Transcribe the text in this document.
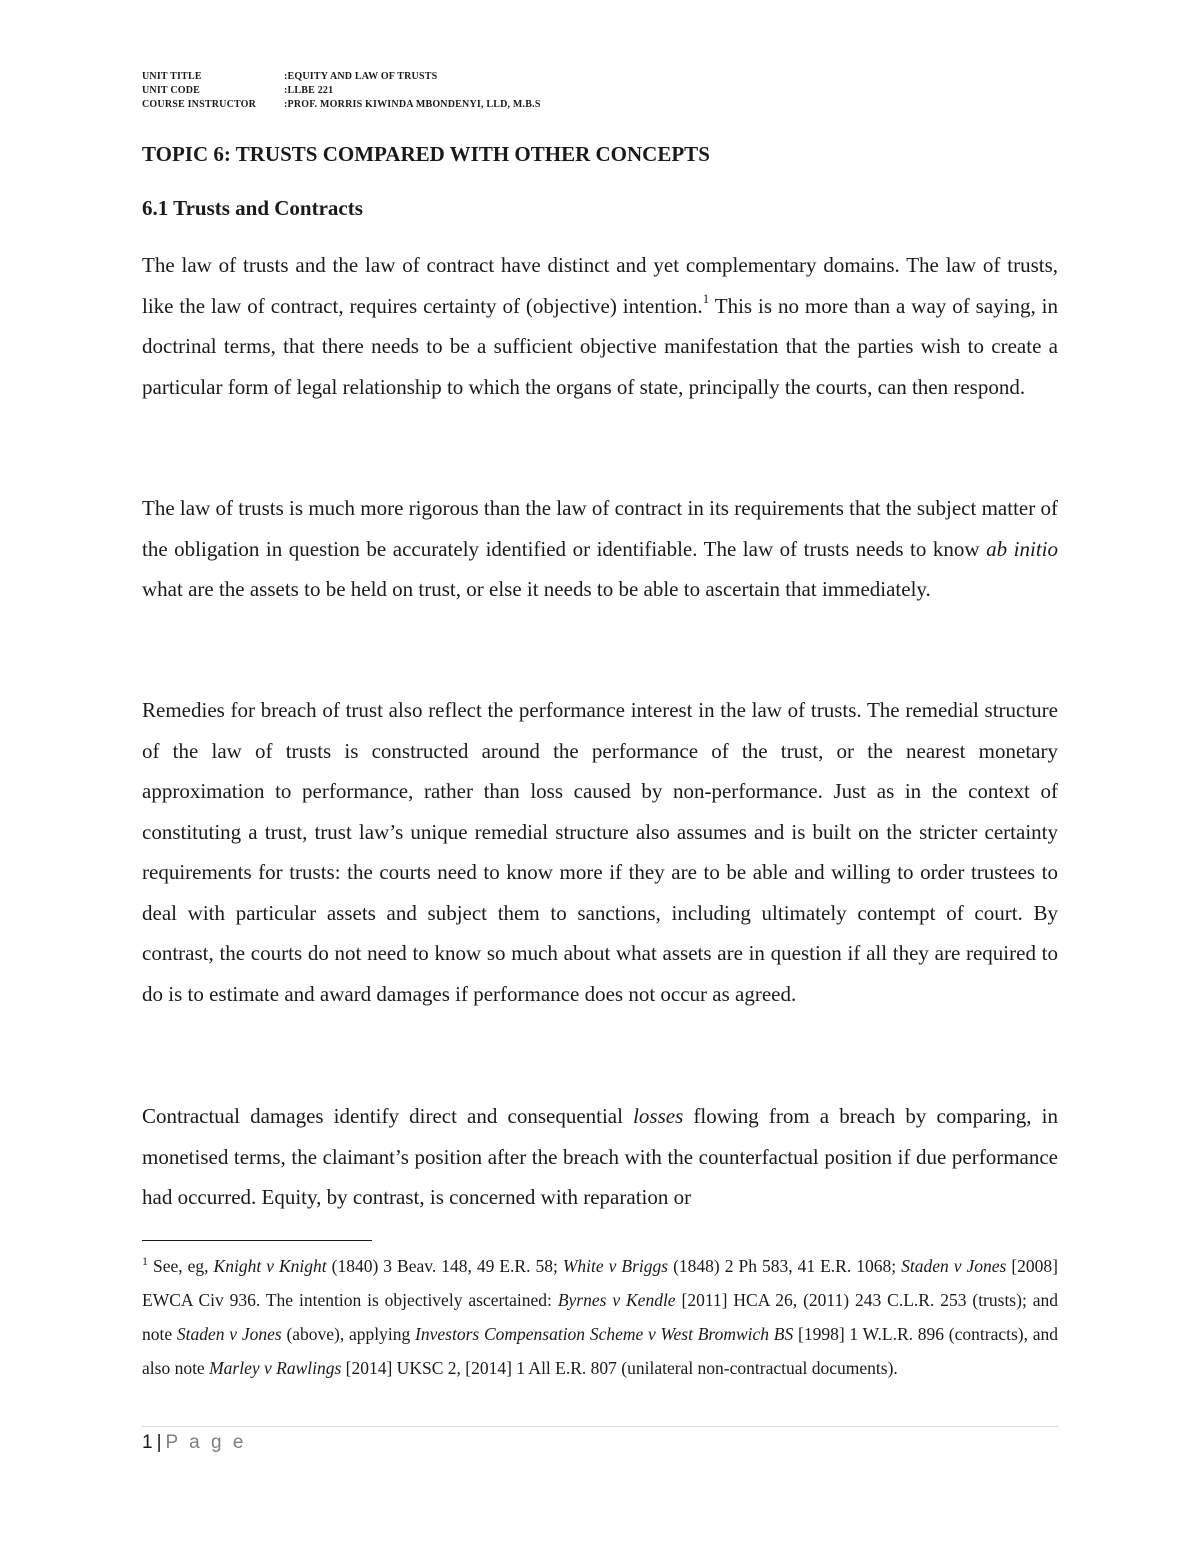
UNIT TITLE	:EQUITY AND LAW OF TRUSTS
UNIT CODE	:LLBE 221
COURSE INSTRUCTOR	:PROF. MORRIS KIWINDA MBONDENYI, LLD, M.B.S
TOPIC 6: TRUSTS COMPARED WITH OTHER CONCEPTS
6.1 Trusts and Contracts

The law of trusts and the law of contract have distinct and yet complementary domains. The law of trusts, like the law of contract, requires certainty of (objective) intention.$^1$ This is no more than a way of saying, in doctrinal terms, that there needs to be a sufficient objective manifestation that the parties wish to create a particular form of legal relationship to which the organs of state, principally the courts, can then respond.

The law of trusts is much more rigorous than the law of contract in its requirements that the subject matter of the obligation in question be accurately identified or identifiable. The law of trusts needs to know ab initio what are the assets to be held on trust, or else it needs to be able to ascertain that immediately.

Remedies for breach of trust also reflect the performance interest in the law of trusts. The remedial structure of the law of trusts is constructed around the performance of the trust, or the nearest monetary approximation to performance, rather than loss caused by non-performance. Just as in the context of constituting a trust, trust law’s unique remedial structure also assumes and is built on the stricter certainty requirements for trusts: the courts need to know more if they are to be able and willing to order trustees to deal with particular assets and subject them to sanctions, including ultimately contempt of court. By contrast, the courts do not need to know so much about what assets are in question if all they are required to do is to estimate and award damages if performance does not occur as agreed.

Contractual damages identify direct and consequential losses flowing from a breach by comparing, in monetised terms, the claimant’s position after the breach with the counterfactual position if due performance had occurred. Equity, by contrast, is concerned with reparation or

$^1$ See, eg, Knight v Knight (1840) 3 Beav. 148, 49 E.R. 58; White v Briggs (1848) 2 Ph 583, 41 E.R. 1068; Staden v Jones [2008] EWCA Civ 936. The intention is objectively ascertained: Byrnes v Kendle [2011] HCA 26, (2011) 243 C.L.R. 253 (trusts); and note Staden v Jones (above), applying Investors Compensation Scheme v West Bromwich BS [1998] 1 W.L.R. 896 (contracts), and also note Marley v Rawlings [2014] UKSC 2, [2014] 1 All E.R. 807 (unilateral non-contractual documents).

1 | P a g e
